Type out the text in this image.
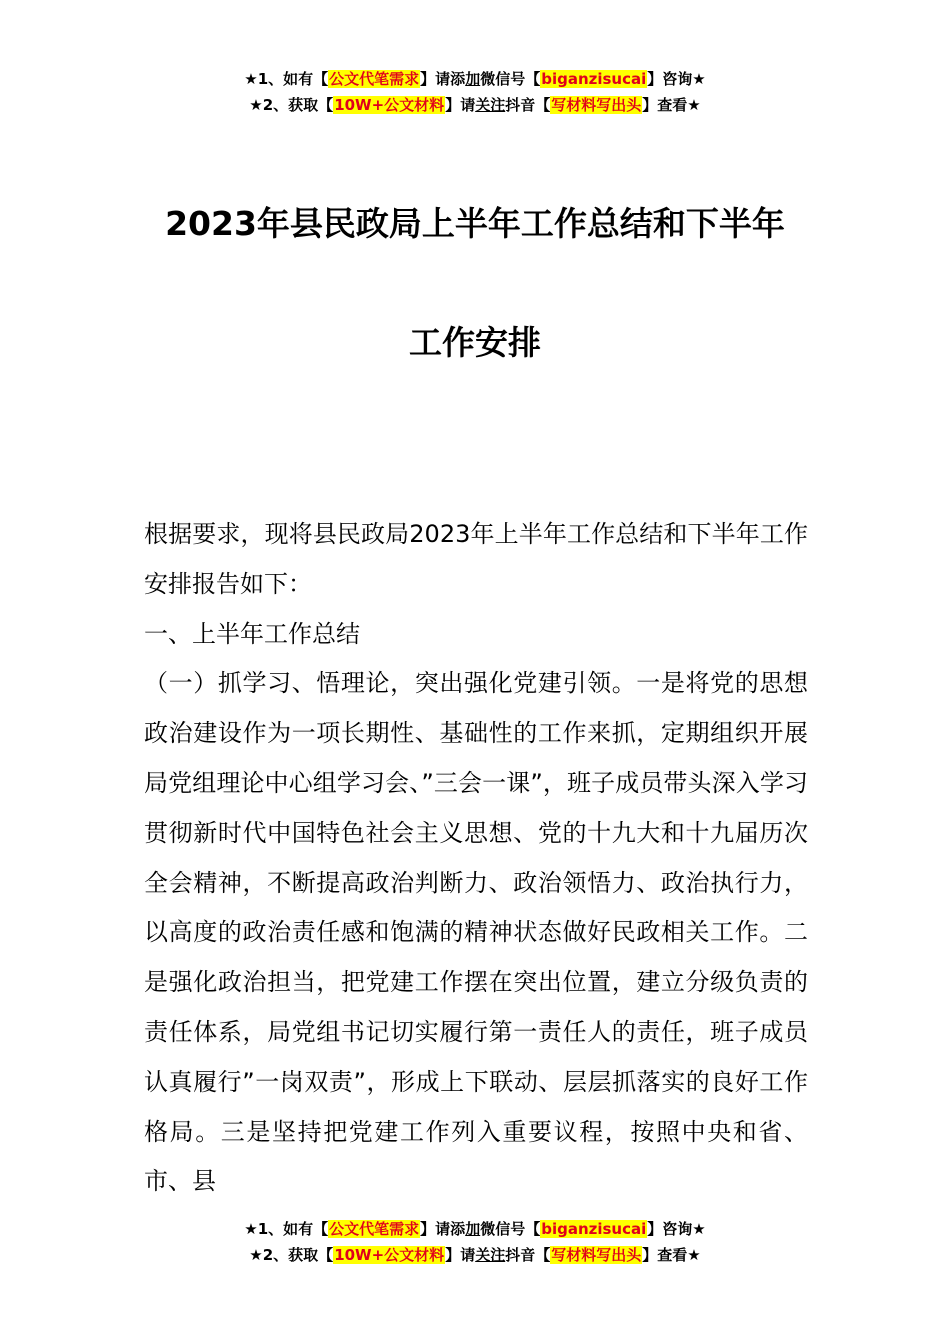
★1、如有【公文代笔需求】请添加微信号【biganzisucai】咨询★
★2、获取【10W+公文材料】请关注抖音【写材料写出头】查看★
2023年县民政局上半年工作总结和下半年
工作安排

根据要求，现将县民政局2023年上半年工作总结和下半年工作安排报告如下：

一、上半年工作总结

（一）抓学习、悟理论，突出强化党建引领。一是将党的思想政治建设作为一项长期性、基础性的工作来抓，定期组织开展局党组理论中心组学习会、”三会一课”，班子成员带头深入学习贯彻新时代中国特色社会主义思想、党的十九大和十九届历次全会精神，不断提高政治判断力、政治领悟力、政治执行力，以高度的政治责任感和饱满的精神状态做好民政相关工作。二是强化政治担当，把党建工作摆在突出位置，建立分级负责的责任体系，局党组书记切实履行第一责任人的责任，班子成员认真履行”一岗双责”，形成上下联动、层层抓落实的良好工作格局。三是坚持把党建工作列入重要议程，按照中央和省、市、县

★1、如有【公文代笔需求】请添加微信号【biganzisucai】咨询★
★2、获取【10W+公文材料】请关注抖音【写材料写出头】查看★
